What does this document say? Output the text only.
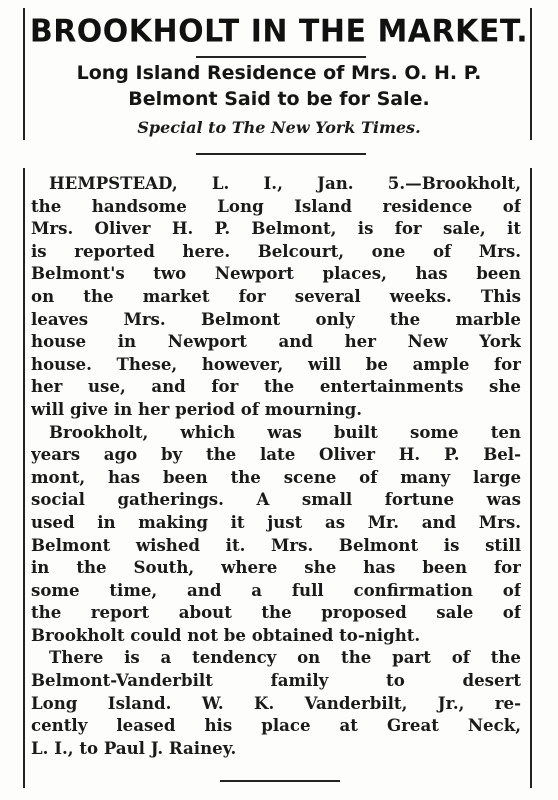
BROOKHOLT IN THE MARKET.
Long Island Residence of Mrs. O. H. P.
Belmont Said to be for Sale.
Special to The New York Times.
HEMPSTEAD, L. I., Jan. 5.—Brookholt,
the handsome Long Island residence of
Mrs. Oliver H. P. Belmont, is for sale, it
is reported here. Belcourt, one of Mrs.
Belmont's two Newport places, has been
on the market for several weeks. This
leaves Mrs. Belmont only the marble
house in Newport and her New York
house. These, however, will be ample for
her use, and for the entertainments she
will give in her period of mourning.
Brookholt, which was built some ten
years ago by the late Oliver H. P. Bel-
mont, has been the scene of many large
social gatherings. A small fortune was
used in making it just as Mr. and Mrs.
Belmont wished it. Mrs. Belmont is still
in the South, where she has been for
some time, and a full confirmation of
the report about the proposed sale of
Brookholt could not be obtained to-night.
There is a tendency on the part of the
Belmont-Vanderbilt family to desert
Long Island. W. K. Vanderbilt, Jr., re-
cently leased his place at Great Neck,
L. I., to Paul J. Rainey.
